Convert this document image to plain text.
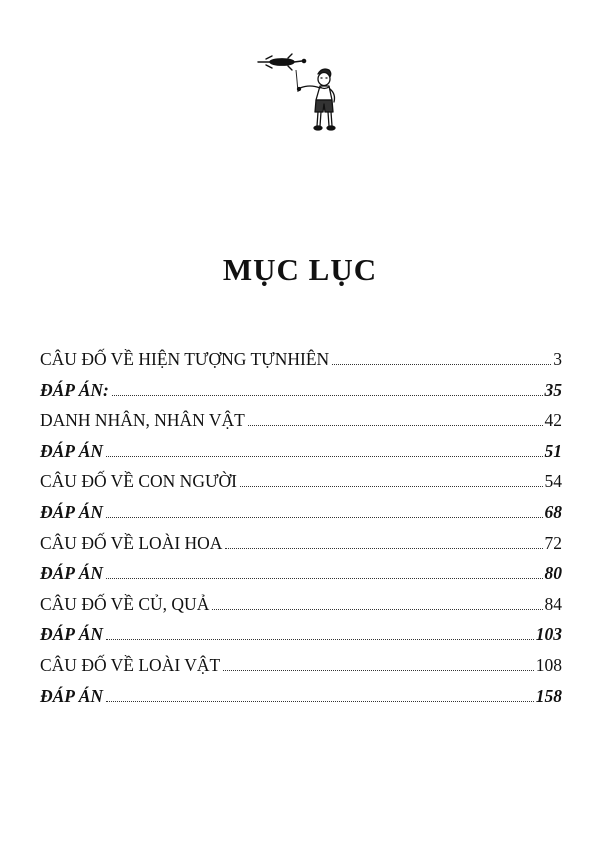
MỤC LỤC
CÂU ĐỐ VỀ HIỆN TƯỢNG TỰNHIÊN	3
ĐÁP ÁN:	35
DANH NHÂN, NHÂN VẬT	42
ĐÁP ÁN	51
CÂU ĐỐ VỀ CON NGƯỜI	54
ĐÁP ÁN	68
CÂU ĐỐ VỀ LOÀI HOA	72
ĐÁP ÁN	80
CÂU ĐỐ VỀ CỦ, QUẢ	84
ĐÁP ÁN	103
CÂU ĐỐ VỀ LOÀI VẬT	108
ĐÁP ÁN	158
